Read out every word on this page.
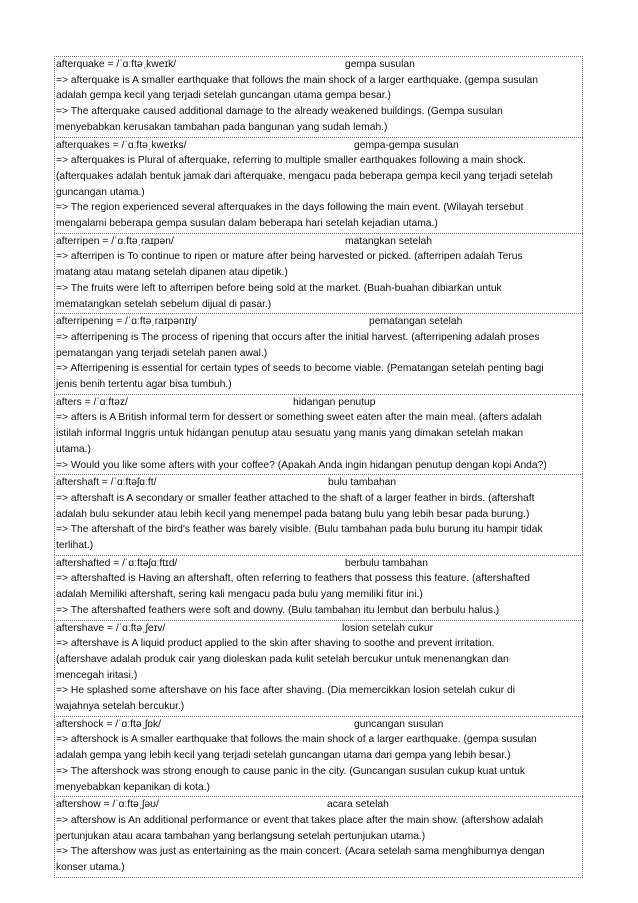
afterquake = /ˈɑːftəˌkweɪk/	gempa susulan
=> afterquake is A smaller earthquake that follows the main shock of a larger earthquake. (gempa susulan
adalah gempa kecil yang terjadi setelah guncangan utama gempa besar.)
=> The afterquake caused additional damage to the already weakened buildings. (Gempa susulan
menyebabkan kerusakan tambahan pada bangunan yang sudah lemah.)
afterquakes = /ˈɑːftəˌkweɪks/	gempa-gempa susulan
=> afterquakes is Plural of afterquake, referring to multiple smaller earthquakes following a main shock.
(afterquakes adalah bentuk jamak dari afterquake, mengacu pada beberapa gempa kecil yang terjadi setelah
guncangan utama.)
=> The region experienced several afterquakes in the days following the main event. (Wilayah tersebut
mengalami beberapa gempa susulan dalam beberapa hari setelah kejadian utama.)
afterripen = /ˈɑːftəˌraɪpən/	matangkan setelah
=> afterripen is To continue to ripen or mature after being harvested or picked. (afterripen adalah Terus
matang atau matang setelah dipanen atau dipetik.)
=> The fruits were left to afterripen before being sold at the market. (Buah-buahan dibiarkan untuk
mematangkan setelah sebelum dijual di pasar.)
afterripening = /ˈɑːftəˌraɪpənɪŋ/	pematangan setelah
=> afterripening is The process of ripening that occurs after the initial harvest. (afterripening adalah proses
pematangan yang terjadi setelah panen awal.)
=> Afterripening is essential for certain types of seeds to become viable. (Pematangan setelah penting bagi
jenis benih tertentu agar bisa tumbuh.)
afters = /ˈɑːftəz/	hidangan penutup
=> afters is A British informal term for dessert or something sweet eaten after the main meal. (afters adalah
istilah informal Inggris untuk hidangan penutup atau sesuatu yang manis yang dimakan setelah makan
utama.)
=> Would you like some afters with your coffee? (Apakah Anda ingin hidangan penutup dengan kopi Anda?)
aftershaft = /ˈɑːftəʃɑːft/	bulu tambahan
=> aftershaft is A secondary or smaller feather attached to the shaft of a larger feather in birds. (aftershaft
adalah bulu sekunder atau lebih kecil yang menempel pada batang bulu yang lebih besar pada burung.)
=> The aftershaft of the bird's feather was barely visible. (Bulu tambahan pada bulu burung itu hampir tidak
terlihat.)
aftershafted = /ˈɑːftəʃɑːftɪd/	berbulu tambahan
=> aftershafted is Having an aftershaft, often referring to feathers that possess this feature. (aftershafted
adalah Memiliki aftershaft, sering kali mengacu pada bulu yang memiliki fitur ini.)
=> The aftershafted feathers were soft and downy. (Bulu tambahan itu lembut dan berbulu halus.)
aftershave = /ˈɑːftəˌʃeɪv/	losion setelah cukur
=> aftershave is A liquid product applied to the skin after shaving to soothe and prevent irritation.
(aftershave adalah produk cair yang dioleskan pada kulit setelah bercukur untuk menenangkan dan
mencegah iritasi.)
=> He splashed some aftershave on his face after shaving. (Dia memercikkan losion setelah cukur di
wajahnya setelah bercukur.)
aftershock = /ˈɑːftəˌʃɒk/	guncangan susulan
=> aftershock is A smaller earthquake that follows the main shock of a larger earthquake. (gempa susulan
adalah gempa yang lebih kecil yang terjadi setelah guncangan utama dari gempa yang lebih besar.)
=> The aftershock was strong enough to cause panic in the city. (Guncangan susulan cukup kuat untuk
menyebabkan kepanikan di kota.)
aftershow = /ˈɑːftəˌʃəʊ/	acara setelah
=> aftershow is An additional performance or event that takes place after the main show. (aftershow adalah
pertunjukan atau acara tambahan yang berlangsung setelah pertunjukan utama.)
=> The aftershow was just as entertaining as the main concert. (Acara setelah sama menghiburnya dengan
konser utama.)
